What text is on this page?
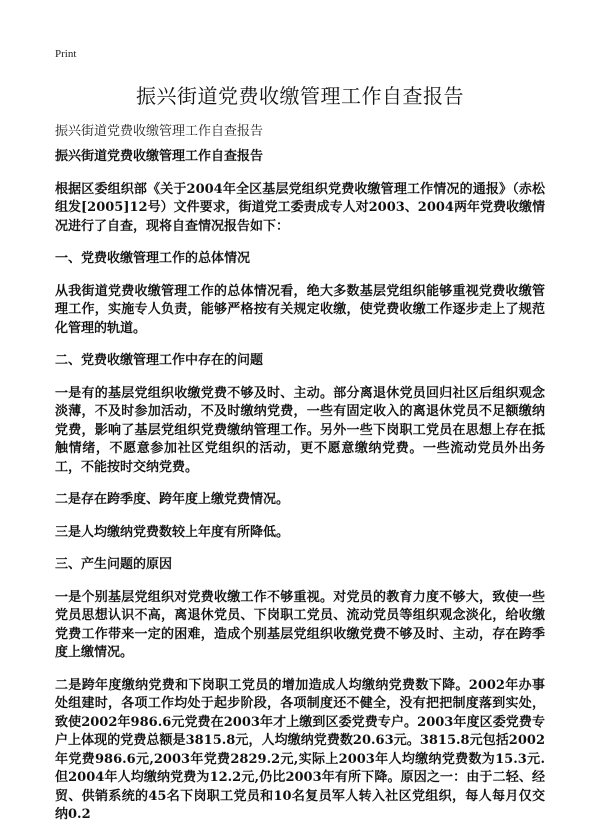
Print
振兴街道党费收缴管理工作自查报告

振兴街道党费收缴管理工作自查报告

振兴街道党费收缴管理工作自查报告

根据区委组织部《关于2004年全区基层党组织党费收缴管理工作情况的通报》（赤松组发[2005]12号）文件要求，街道党工委责成专人对2003、2004两年党费收缴情况进行了自查，现将自查情况报告如下：

一、党费收缴管理工作的总体情况

从我街道党费收缴管理工作的总体情况看，绝大多数基层党组织能够重视党费收缴管理工作，实施专人负责，能够严格按有关规定收缴，使党费收缴工作逐步走上了规范化管理的轨道。

二、党费收缴管理工作中存在的问题

一是有的基层党组织收缴党费不够及时、主动。部分离退休党员回归社区后组织观念淡薄，不及时参加活动，不及时缴纳党费，一些有固定收入的离退休党员不足额缴纳党费，影响了基层党组织党费缴纳管理工作。另外一些下岗职工党员在思想上存在抵触情绪，不愿意参加社区党组织的活动，更不愿意缴纳党费。一些流动党员外出务工，不能按时交纳党费。

二是存在跨季度、跨年度上缴党费情况。

三是人均缴纳党费数较上年度有所降低。

三、产生问题的原因

一是个别基层党组织对党费收缴工作不够重视。对党员的教育力度不够大，致使一些党员思想认识不高，离退休党员、下岗职工党员、流动党员等组织观念淡化，给收缴党费工作带来一定的困难，造成个别基层党组织收缴党费不够及时、主动，存在跨季度上缴情况。

二是跨年度缴纳党费和下岗职工党员的增加造成人均缴纳党费数下降。2002年办事处组建时，各项工作均处于起步阶段，各项制度还不健全，没有把把制度落到实处，致使2002年986.6元党费在2003年才上缴到区委党费专户。2003年度区委党费专户上体现的党费总额是3815.8元，人均缴纳党费数20.63元。3815.8元包括2002年党费986.6元,2003年党费2829.2元,实际上2003年人均缴纳党费数为15.3元.但2004年人均缴纳党费为12.2元,仍比2003年有所下降。原因之一：由于二轻、经贸、供销系统的45名下岗职工党员和10名复员军人转入社区党组织，每人每月仅交纳0.2
